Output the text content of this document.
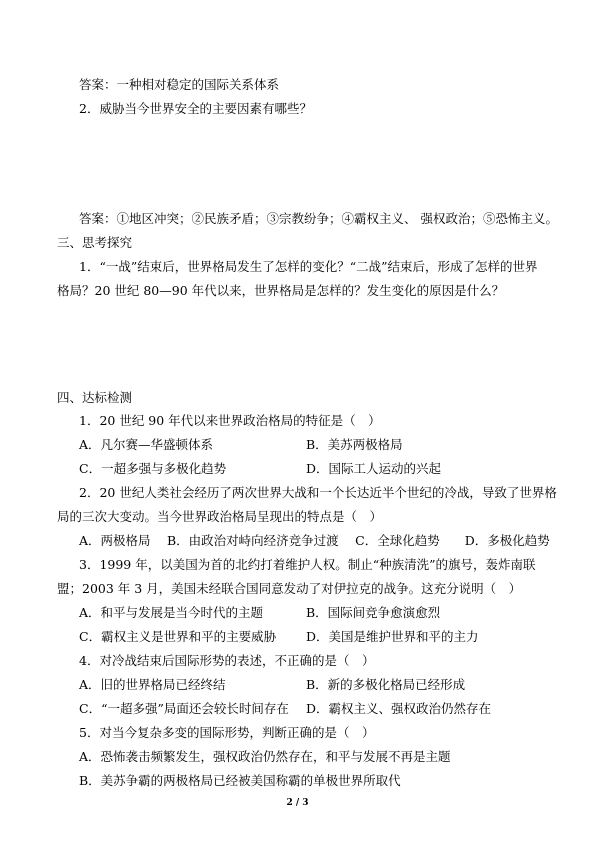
答案：一种相对稳定的国际关系体系
2．威胁当今世界安全的主要因素有哪些？
答案：①地区冲突；②民族矛盾；③宗教纷争；④霸权主义、 强权政治；⑤恐怖主义。
三、思考探究
1．“一战”结束后，世界格局发生了怎样的变化？“二战”结束后，形成了怎样的世界
格局？20 世纪 80—90 年代以来，世界格局是怎样的？发生变化的原因是什么？
四、达标检测
1．20 世纪 90 年代以来世界政治格局的特征是（　）
A．凡尔赛—华盛顿体系	B．美苏两极格局
C．一超多强与多极化趋势	D．国际工人运动的兴起
2．20 世纪人类社会经历了两次世界大战和一个长达近半个世纪的冷战，导致了世界格
局的三次大变动。当今世界政治格局呈现出的特点是（　）
A．两极格局　 B．由政治对峙向经济竞争过渡　 C．全球化趋势　　D．多极化趋势
3．1999 年，以美国为首的北约打着维护人权。制止“种族清洗”的旗号，轰炸南联
盟；2003 年 3 月，美国未经联合国同意发动了对伊拉克的战争。这充分说明（　）
A．和平与发展是当今时代的主题	B．国际间竞争愈演愈烈
C．霸权主义是世界和平的主要威胁 D．美国是维护世界和平的主力
4．对冷战结束后国际形势的表述，不正确的是（　）
A．旧的世界格局已经终结	B．新的多极化格局已经形成
C．“一超多强”局面还会较长时间存在 D．霸权主义、强权政治仍然存在
5．对当今复杂多变的国际形势，判断正确的是（　）
A．恐怖袭击频繁发生，强权政治仍然存在，和平与发展不再是主题
B．美苏争霸的两极格局已经被美国称霸的单极世界所取代
2 / 3
